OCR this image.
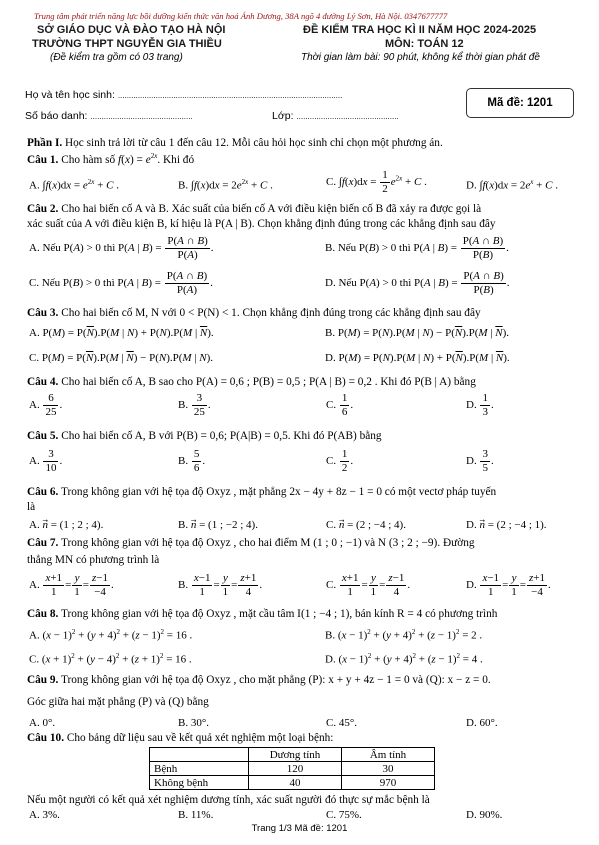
Trung tâm phát triển năng lực bồi dưỡng kiến thức văn hoá Ánh Dương, 38A ngõ 4 đường Lý Sơn, Hà Nội. 0347677777
SỞ GIÁO DỤC VÀ ĐÀO TẠO HÀ NỘI
TRƯỜNG THPT NGUYỄN GIA THIỀU
(Đề kiểm tra gồm có 03 trang)
ĐỀ KIỂM TRA HỌC KÌ II NĂM HỌC 2024-2025
MÔN: TOÁN 12
Thời gian làm bài: 90 phút, không kể thời gian phát đề
Họ và tên học sinh: .....................................................................................................
Số báo danh: ..............................................	Lớp: ..............................................
Mã đề: 1201
Phần I. Học sinh trả lời từ câu 1 đến câu 12. Mỗi câu hỏi học sinh chỉ chọn một phương án.
Câu 1. Cho hàm số $f(x) = e^{2x}$. Khi đó
A. $\int f(x)dx = e^{2x} + C$ .	B. $\int f(x)dx = 2e^{2x} + C$ .	C. $\int f(x)dx = \frac{1}{2} e^{2x} + C$ .	D. $\int f(x)dx = 2e^x + C$ .
Câu 2. Cho hai biến cố A và B. Xác suất của biến cố A với điều kiện biến cố B đã xảy ra được gọi là
xác suất của A với điều kiện B, kí hiệu là P(A | B). Chọn khẳng định đúng trong các khẳng định sau đây
A. Nếu P(A) > 0 thì P(A | $B) = \frac{P(A \cap B)}{P(A)}$ .	B. Nếu P(B) > 0 thì P(A | $B) = \frac{P(A \cap B)}{P(B)}$ .
C. Nếu P(B) > 0 thì P(A | $B) = \frac{P(A \cap B)}{P(A)}$ .	D. Nếu P(A) > 0 thì P(A | $B) = \frac{P(A \cap B)}{P(B)}$ .
Câu 3. Cho hai biến cố M, N với 0 < P(N) < 1. Chọn khẳng định đúng trong các khẳng định sau đây
A. $P(M) = P(\overline{N}).P(M$ | N) + P(N).P(M | $\overline{N}$).	B. P(M) = P(N).P(M | $N) - P(\overline{N}).P(M$ | $\overline{N}$).
C. $P(M) = P(\overline{N}).P(M$ | $\overline{N}) - P(N).P(M$ | N).	D. P(M) = P(N).P(M | $N) + P(\overline{N}).P(M$ | $\overline{N}$).
Câu 4. Cho hai biến cố A, B sao cho P(A) = 0,6 ; P(B) = 0,5 ; P(A | B) = 0,2 . Khi đó P(B | A) bằng
A. $\frac{6}{25}$ .	B. $\frac{3}{25}$ .	C. $\frac{1}{6}$ .	D. $\frac{1}{3}$ .
Câu 5. Cho hai biến cố A, B với P(B) = 0,6; P(A|B) = 0,5. Khi đó P(AB) bằng
A. $\frac{3}{10}$ .	B. $\frac{5}{6}$ .	C. $\frac{1}{2}$ .	D. $\frac{3}{5}$ .
Câu 6. Trong không gian với hệ tọa độ Oxyz , mặt phẳng 2x − 4y + 8z − 1 = 0 có một vectơ pháp tuyến
là
A. n⃗ = (1 ; 2 ; 4).	B. n⃗ = (1 ; −2 ; 4).	C. n⃗ = (2 ; −4 ; 4).	D. n⃗ = (2 ; −4 ; 1).
Câu 7. Trong không gian với hệ tọa độ Oxyz , cho hai điểm M (1 ; 0 ; −1) và N (3 ; 2 ; −9). Đường
thẳng MN có phương trình là
A. $\frac{x+1}{1} = \frac{y}{1} = \frac{z-1}{-4}$ .	B. $\frac{x-1}{1} = \frac{y}{1} = \frac{z+1}{4}$ .	C. $\frac{x+1}{1} = \frac{y}{1} = \frac{z-1}{4}$ .	D. $\frac{x-1}{1} = \frac{y}{1} = \frac{z+1}{-4}$ .
Câu 8. Trong không gian với hệ tọa độ Oxyz , mặt cầu tâm I(1 ; −4 ; 1), bán kính R = 4 có phương trình
A. $(x - 1)^2 + (y + 4)^2 + (z - 1)^2 = 16$ .	B. $(x - 1)^2 + (y + 4)^2 + (z - 1)^2 = 2$ .
C. $(x + 1)^2 + (y - 4)^2 + (z + 1)^2 = 16$ .	D. $(x - 1)^2 + (y + 4)^2 + (z - 1)^2 = 4$ .
Câu 9. Trong không gian với hệ tọa độ Oxyz , cho mặt phẳng (P): x + y + 4z − 1 = 0 và (Q): x − z = 0.
Góc giữa hai mặt phẳng (P) và (Q) bằng
A. 0°.	B. 30°.	C. 45°.	D. 60°.
Câu 10. Cho bảng dữ liệu sau về kết quả xét nghiệm một loại bệnh:
	Dương tính	Âm tính
Bệnh	120	30
Không bệnh	40	970
Nếu một người có kết quả xét nghiệm dương tính, xác suất người đó thực sự mắc bệnh là
A. 3%.	B. 11%.	C. 75%.	D. 90%.
Trang 1/3 Mã đề: 1201
